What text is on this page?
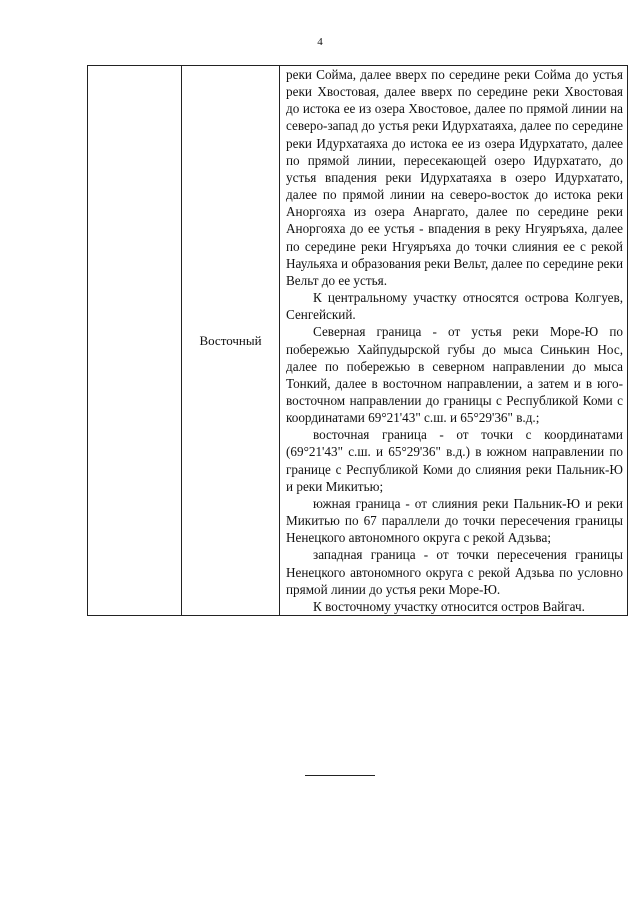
4
	Восточный	

реки Сойма, далее вверх по середине реки Сойма до устья реки Хвостовая, далее вверх по середине реки Хвостовая до истока ее из озера Хвостовое, далее по прямой линии на северо-запад до устья реки Идурхатаяха, далее по середине реки Идурхатаяха до истока ее из озера Идурхатато, далее по прямой линии, пересекающей озеро Идурхатато, до устья впадения реки Идурхатаяха в озеро Идурхатато, далее по прямой линии на северо-восток до истока реки Аноргояха из озера Анаргато, далее по середине реки Аноргояха до ее устья - впадения в реку Нгуяръяха, далее по середине реки Нгуяръяха до точки слияния ее с рекой Наульяха и образования реки Вельт, далее по середине реки Вельт до ее устья.

К центральному участку относятся острова Колгуев, Сенгейский.

Северная граница - от устья реки Море-Ю по побережью Хайпудырской губы до мыса Синькин Нос, далее по побережью в северном направлении до мыса Тонкий, далее в восточном направлении, а затем и в юго-восточном направлении до границы с Республикой Коми с координатами 69°21'43" с.ш. и 65°29'36" в.д.;

восточная граница - от точки с координатами (69°21'43" с.ш. и 65°29'36" в.д.) в южном направлении по границе с Республикой Коми до слияния реки Пальник-Ю и реки Микитью;

южная граница - от слияния реки Пальник-Ю и реки Микитью по 67 параллели до точки пересечения границы Ненецкого автономного округа с рекой Адзьва;

западная граница - от точки пересечения границы Ненецкого автономного округа с рекой Адзьва по условно прямой линии до устья реки Море-Ю.

К восточному участку относится остров Вайгач.
